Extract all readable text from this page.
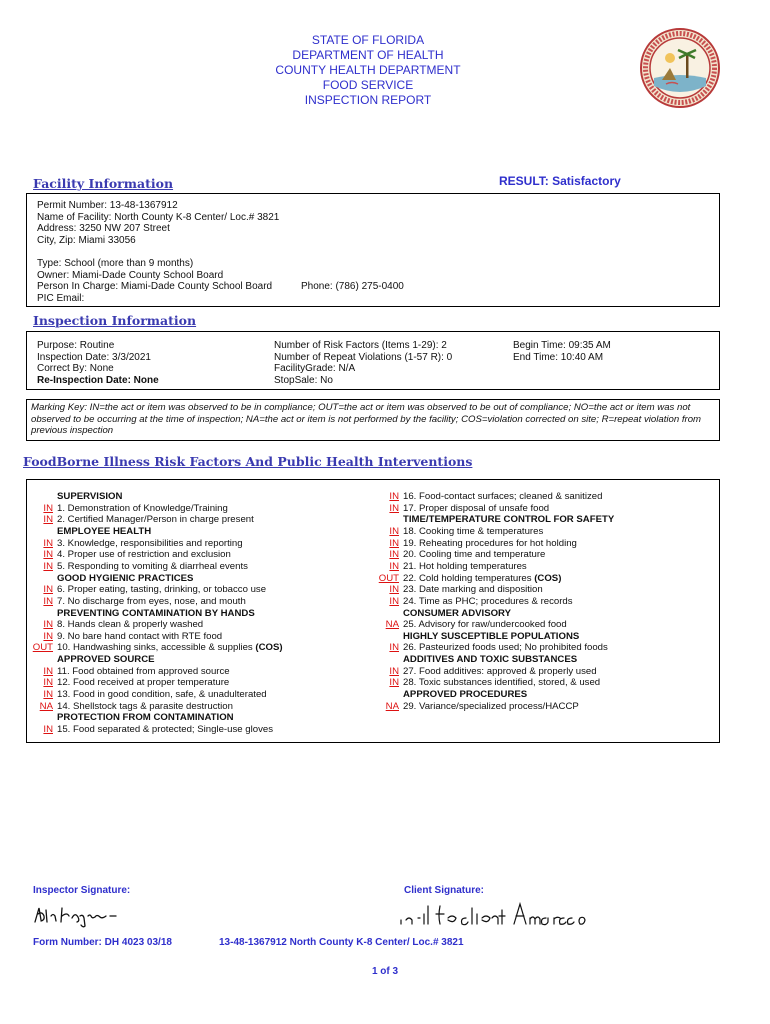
STATE OF FLORIDA
DEPARTMENT OF HEALTH
COUNTY HEALTH DEPARTMENT
FOOD SERVICE
INSPECTION REPORT
Facility Information	RESULT: Satisfactory
Permit Number: 13-48-1367912
Name of Facility: North County K-8 Center/ Loc.# 3821
Address: 3250 NW 207 Street
City, Zip: Miami 33056
Type: School (more than 9 months)
Owner: Miami-Dade County School Board
Person In Charge: Miami-Dade County School Board	Phone: (786) 275-0400
PIC Email:
Inspection Information
Purpose: Routine
Inspection Date: 3/3/2021
Correct By: None
Re-Inspection Date: None
Number of Risk Factors (Items 1-29): 2
Number of Repeat Violations (1-57 R): 0
FacilityGrade: N/A
StopSale: No
Begin Time: 09:35 AM
End Time: 10:40 AM
Marking Key: IN=the act or item was observed to be in compliance; OUT=the act or item was observed to be out of compliance; NO=the act or item was not observed to be occurring at the time of inspection; NA=the act or item is not performed by the facility; COS=violation corrected on site; R=repeat violation from previous inspection
FoodBorne Illness Risk Factors And Public Health Interventions
SUPERVISION
IN 1. Demonstration of Knowledge/Training
IN 2. Certified Manager/Person in charge present
EMPLOYEE HEALTH
IN 3. Knowledge, responsibilities and reporting
IN 4. Proper use of restriction and exclusion
IN 5. Responding to vomiting & diarrheal events
GOOD HYGIENIC PRACTICES
IN 6. Proper eating, tasting, drinking, or tobacco use
IN 7. No discharge from eyes, nose, and mouth
PREVENTING CONTAMINATION BY HANDS
IN 8. Hands clean & properly washed
IN 9. No bare hand contact with RTE food
OUT 10. Handwashing sinks, accessible & supplies (COS)
APPROVED SOURCE
IN 11. Food obtained from approved source
IN 12. Food received at proper temperature
IN 13. Food in good condition, safe, & unadulterated
NA 14. Shellstock tags & parasite destruction
PROTECTION FROM CONTAMINATION
IN 15. Food separated & protected; Single-use gloves
IN 16. Food-contact surfaces; cleaned & sanitized
IN 17. Proper disposal of unsafe food
TIME/TEMPERATURE CONTROL FOR SAFETY
IN 18. Cooking time & temperatures
IN 19. Reheating procedures for hot holding
IN 20. Cooling time and temperature
IN 21. Hot holding temperatures
OUT 22. Cold holding temperatures (COS)
IN 23. Date marking and disposition
IN 24. Time as PHC; procedures & records
CONSUMER ADVISORY
NA 25. Advisory for raw/undercooked food
HIGHLY SUSCEPTIBLE POPULATIONS
IN 26. Pasteurized foods used; No prohibited foods
ADDITIVES AND TOXIC SUBSTANCES
IN 27. Food additives: approved & properly used
IN 28. Toxic substances identified, stored, & used
APPROVED PROCEDURES
NA 29. Variance/specialized process/HACCP
Inspector Signature:	Client Signature:
Form Number: DH 4023 03/18	13-48-1367912 North County K-8 Center/ Loc.# 3821
1 of 3
